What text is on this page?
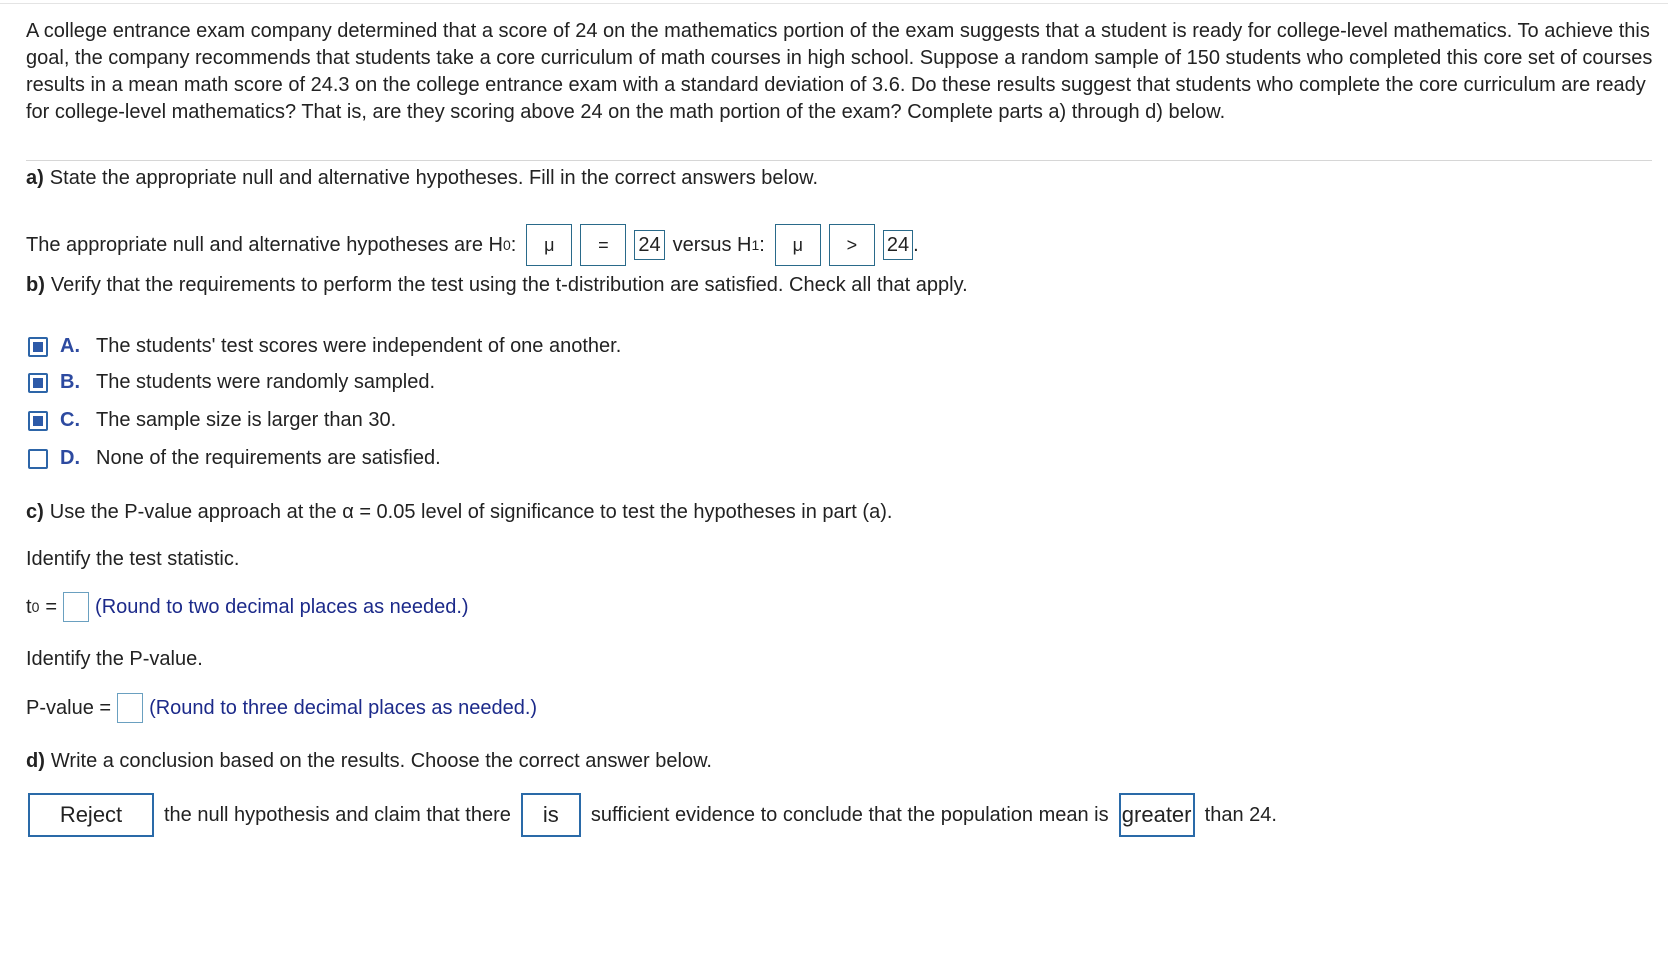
A college entrance exam company determined that a score of 24 on the mathematics portion of the exam suggests that a student is ready for college-level mathematics. To achieve this goal, the company recommends that students take a core curriculum of math courses in high school. Suppose a random sample of 150 students who completed this core set of courses results in a mean math score of 24.3 on the college entrance exam with a standard deviation of 3.6. Do these results suggest that students who complete the core curriculum are ready for college-level mathematics? That is, are they scoring above 24 on the math portion of the exam? Complete parts a) through d) below.
a) State the appropriate null and alternative hypotheses. Fill in the correct answers below.
The appropriate null and alternative hypotheses are H 0 :	μ	=	24 versus H 1 :	μ	>	24 .
b) Verify that the requirements to perform the test using the t-distribution are satisfied. Check all that apply.
A. The students' test scores were independent of one another.
B. The students were randomly sampled.
C. The sample size is larger than 30.
D. None of the requirements are satisfied.
c) Use the P-value approach at the α = 0.05 level of significance to test the hypotheses in part (a).
Identify the test statistic.
t 0 = (Round to two decimal places as needed.)
Identify the P-value.
P-value = (Round to three decimal places as needed.)
d) Write a conclusion based on the results. Choose the correct answer below.
Reject	the null hypothesis and claim that there	is	sufficient evidence to conclude that the population mean is greater than 24.
